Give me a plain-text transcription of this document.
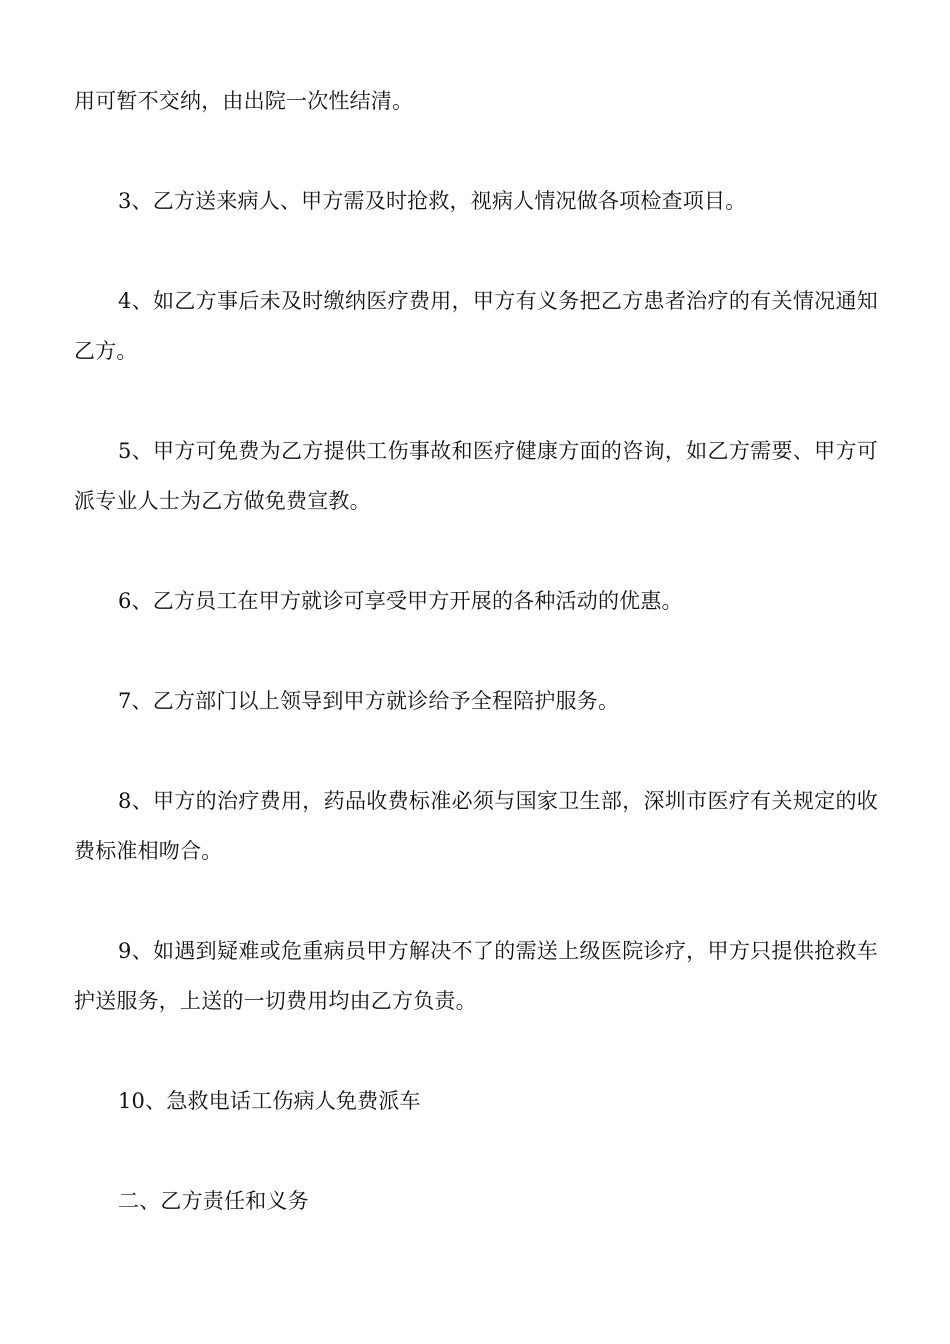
用可暂不交纳，由出院一次性结清。

3、乙方送来病人、甲方需及时抢救，视病人情况做各项检查项目。

4、如乙方事后未及时缴纳医疗费用，甲方有义务把乙方患者治疗的有关情况通知乙方。

5、甲方可免费为乙方提供工伤事故和医疗健康方面的咨询，如乙方需要、甲方可派专业人士为乙方做免费宣教。

6、乙方员工在甲方就诊可享受甲方开展的各种活动的优惠。

7、乙方部门以上领导到甲方就诊给予全程陪护服务。

8、甲方的治疗费用，药品收费标准必须与国家卫生部，深圳市医疗有关规定的收费标准相吻合。

9、如遇到疑难或危重病员甲方解决不了的需送上级医院诊疗，甲方只提供抢救车护送服务，上送的一切费用均由乙方负责。

10、急救电话工伤病人免费派车

二、乙方责任和义务
